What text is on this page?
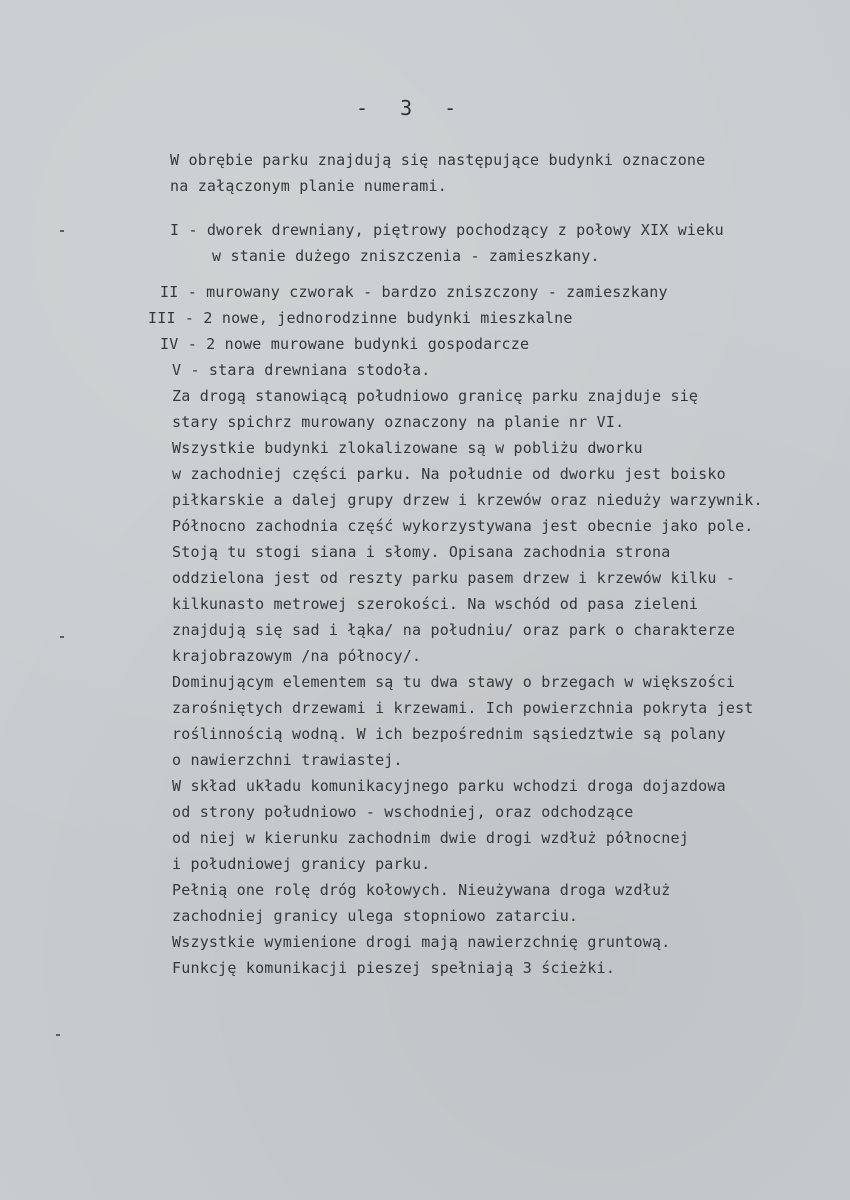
- 3 -
W obrębie parku znajdują się następujące budynki oznaczone
na załączonym planie numerami.
I - dworek drewniany, piętrowy pochodzący z połowy XIX wieku
w stanie dużego zniszczenia - zamieszkany.
II - murowany czworak - bardzo zniszczony - zamieszkany
III - 2 nowe, jednorodzinne budynki mieszkalne
IV - 2 nowe murowane budynki gospodarcze
V - stara drewniana stodoła.
Za drogą stanowiącą południowo granicę parku znajduje się
stary spichrz murowany oznaczony na planie nr VI.
Wszystkie budynki zlokalizowane są w pobliżu dworku
w zachodniej części parku. Na południe od dworku jest boisko
piłkarskie a dalej grupy drzew i krzewów oraz nieduży warzywnik.
Północno zachodnia część wykorzystywana jest obecnie jako pole.
Stoją tu stogi siana i słomy. Opisana zachodnia strona
oddzielona jest od reszty parku pasem drzew i krzewów kilku -
kilkunasto metrowej szerokości. Na wschód od pasa zieleni
znajdują się sad i łąka/ na południu/ oraz park o charakterze
krajobrazowym /na północy/.
Dominującym elementem są tu dwa stawy o brzegach w większości
zarośniętych drzewami i krzewami. Ich powierzchnia pokryta jest
roślinnością wodną. W ich bezpośrednim sąsiedztwie są polany
o nawierzchni trawiastej.
W skład układu komunikacyjnego parku wchodzi droga dojazdowa
od strony południowo - wschodniej, oraz odchodzące
od niej w kierunku zachodnim dwie drogi wzdłuż północnej
i południowej granicy parku.
Pełnią one rolę dróg kołowych. Nieużywana droga wzdłuż
zachodniej granicy ulega stopniowo zatarciu.
Wszystkie wymienione drogi mają nawierzchnię gruntową.
Funkcję komunikacji pieszej spełniają 3 ścieżki.
